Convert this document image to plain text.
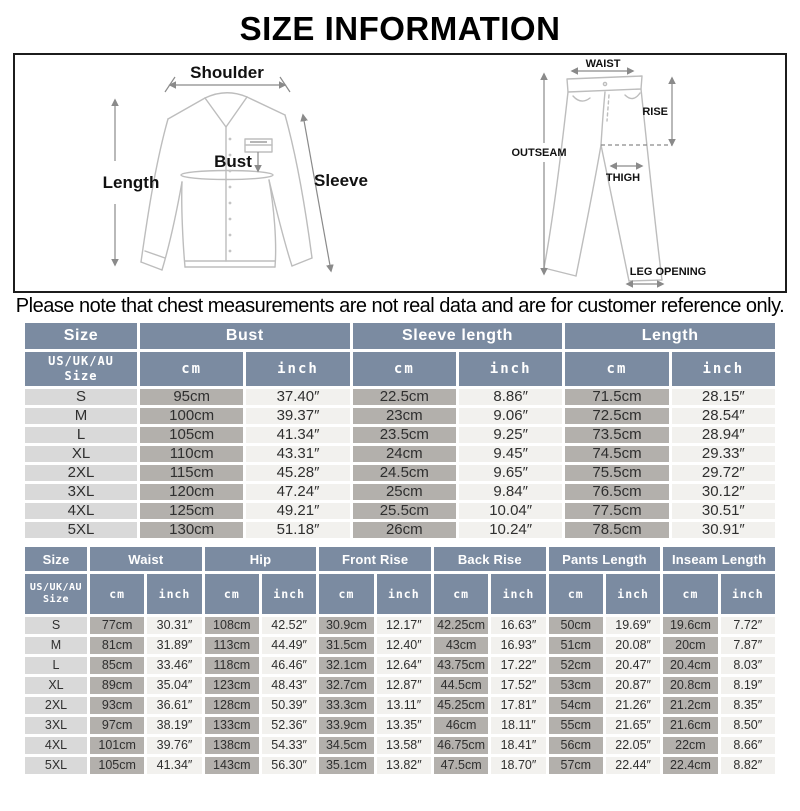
SIZE INFORMATION
Shoulder
Length
Bust
Sleeve
WAIST
RISE
OUTSEAM
THIGH
LEG OPENING

Please note that chest measurements are not real data and are for customer reference only.

Size	Bust		Sleeve length		Length	
US/UK/AU
Size	cm	inch	cm	inch	cm	inch
S	95cm	37.40″	22.5cm	8.86″	71.5cm	28.15″
M	100cm	39.37″	23cm	9.06″	72.5cm	28.54″
L	105cm	41.34″	23.5cm	9.25″	73.5cm	28.94″
XL	110cm	43.31″	24cm	9.45″	74.5cm	29.33″
2XL	115cm	45.28″	24.5cm	9.65″	75.5cm	29.72″
3XL	120cm	47.24″	25cm	9.84″	76.5cm	30.12″
4XL	125cm	49.21″	25.5cm	10.04″	77.5cm	30.51″
5XL	130cm	51.18″	26cm	10.24″	78.5cm	30.91″
Size	Waist		Hip		Front Rise		Back Rise		Pants Length		Inseam Length	
US/UK/AU
Size	cm	inch	cm	inch	cm	inch	cm	inch	cm	inch	cm	inch
S	77cm	30.31″	108cm	42.52″	30.9cm	12.17″	42.25cm	16.63″	50cm	19.69″	19.6cm	7.72″
M	81cm	31.89″	113cm	44.49″	31.5cm	12.40″	43cm	16.93″	51cm	20.08″	20cm	7.87″
L	85cm	33.46″	118cm	46.46″	32.1cm	12.64″	43.75cm	17.22″	52cm	20.47″	20.4cm	8.03″
XL	89cm	35.04″	123cm	48.43″	32.7cm	12.87″	44.5cm	17.52″	53cm	20.87″	20.8cm	8.19″
2XL	93cm	36.61″	128cm	50.39″	33.3cm	13.11″	45.25cm	17.81″	54cm	21.26″	21.2cm	8.35″
3XL	97cm	38.19″	133cm	52.36″	33.9cm	13.35″	46cm	18.11″	55cm	21.65″	21.6cm	8.50″
4XL	101cm	39.76″	138cm	54.33″	34.5cm	13.58″	46.75cm	18.41″	56cm	22.05″	22cm	8.66″
5XL	105cm	41.34″	143cm	56.30″	35.1cm	13.82″	47.5cm	18.70″	57cm	22.44″	22.4cm	8.82″
